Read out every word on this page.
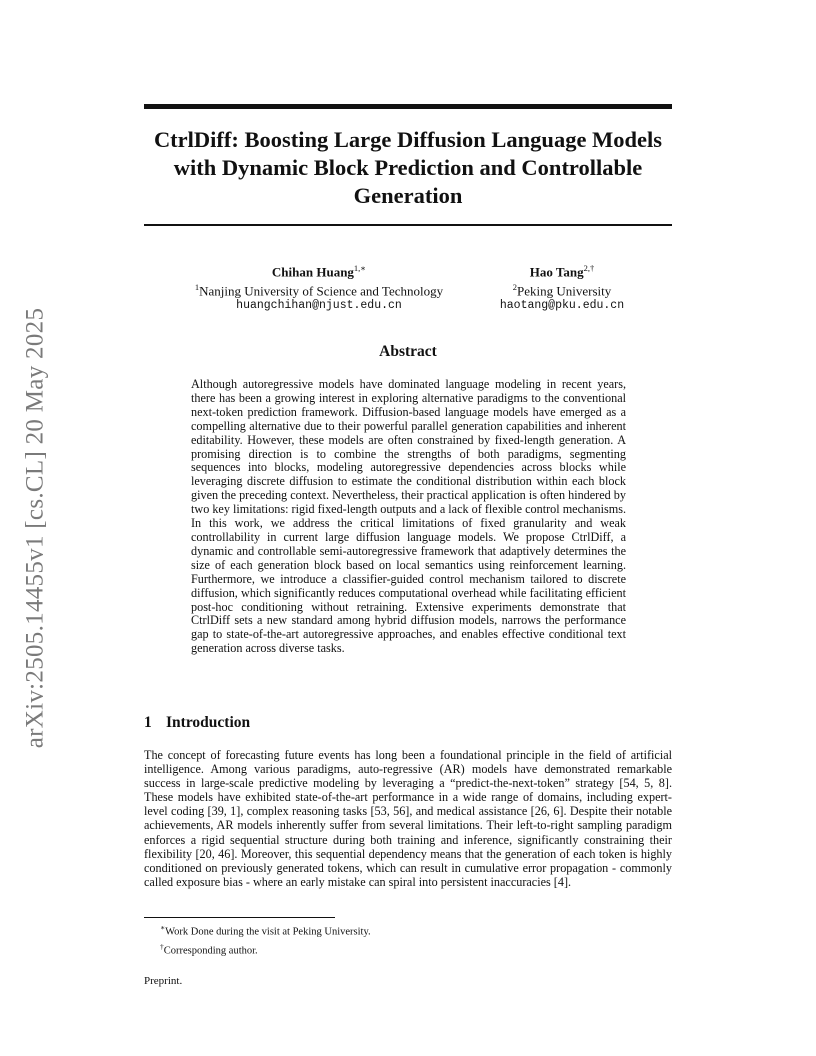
arXiv:2505.14455v1 [cs.CL] 20 May 2025
CtrlDiff: Boosting Large Diffusion Language Models with Dynamic Block Prediction and Controllable Generation
Chihan Huang$^{1,∗}$
$^1$Nanjing University of Science and Technology
huangchihan@njust.edu.cn
Hao Tang$^{2,\dagger}$
$^2$Peking University
haotang@pku.edu.cn
Abstract
Although autoregressive models have dominated language modeling in recent years, there has been a growing interest in exploring alternative paradigms to the conventional next-token prediction framework. Diffusion-based language models have emerged as a compelling alternative due to their powerful parallel generation capabilities and inherent editability. However, these models are often constrained by fixed-length generation. A promising direction is to combine the strengths of both paradigms, segmenting sequences into blocks, modeling autoregressive dependencies across blocks while leveraging discrete diffusion to estimate the conditional distribution within each block given the preceding context. Nevertheless, their practical application is often hindered by two key limitations: rigid fixed-length outputs and a lack of flexible control mechanisms. In this work, we address the critical limitations of fixed granularity and weak controllability in current large diffusion language models. We propose CtrlDiff, a dynamic and controllable semi-autoregressive framework that adaptively determines the size of each generation block based on local semantics using reinforcement learning. Furthermore, we introduce a classifier-guided control mechanism tailored to discrete diffusion, which significantly reduces computational overhead while facilitating efficient post-hoc conditioning without retraining. Extensive experiments demonstrate that CtrlDiff sets a new standard among hybrid diffusion models, narrows the performance gap to state-of-the-art autoregressive approaches, and enables effective conditional text generation across diverse tasks.
1 Introduction
The concept of forecasting future events has long been a foundational principle in the field of artificial intelligence. Among various paradigms, auto-regressive (AR) models have demonstrated remarkable success in large-scale predictive modeling by leveraging a “predict-the-next-token” strategy [54, 5, 8]. These models have exhibited state-of-the-art performance in a wide range of domains, including expert-level coding [39, 1], complex reasoning tasks [53, 56], and medical assistance [26, 6]. Despite their notable achievements, AR models inherently suffer from several limitations. Their left-to-right sampling paradigm enforces a rigid sequential structure during both training and inference, significantly constraining their flexibility [20, 46]. Moreover, this sequential dependency means that the generation of each token is highly conditioned on previously generated tokens, which can result in cumulative error propagation - commonly called exposure bias - where an early mistake can spiral into persistent inaccuracies [4].
∗Work Done during the visit at Peking University.
†Corresponding author.
Preprint.
